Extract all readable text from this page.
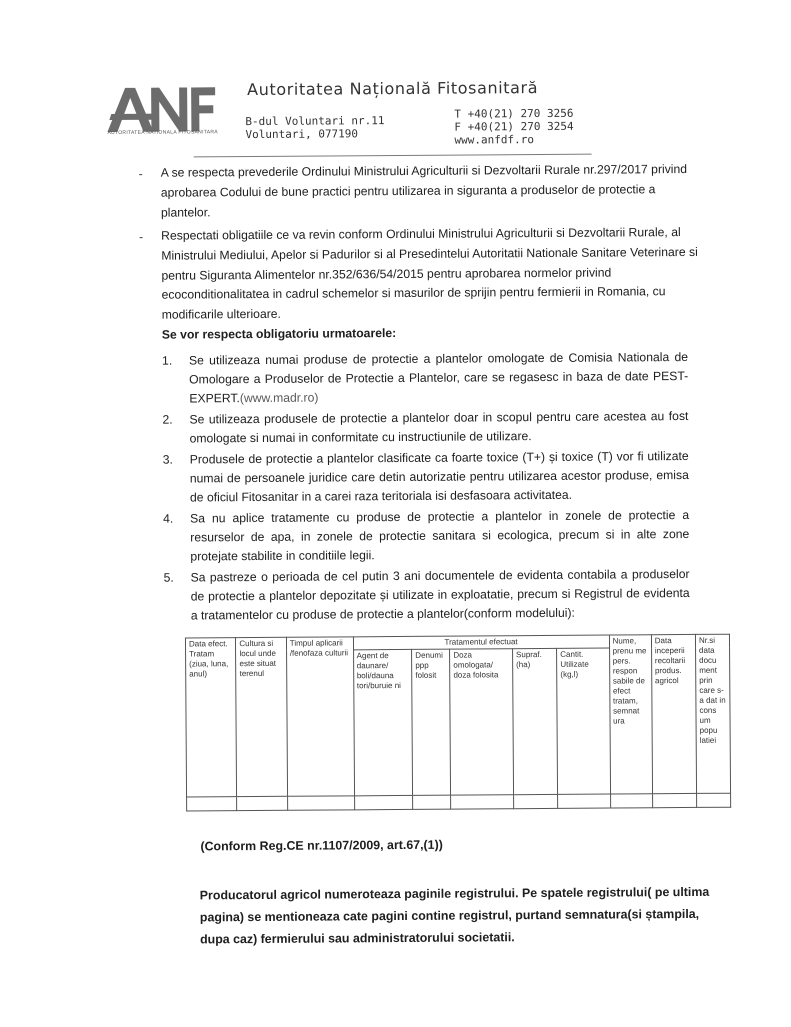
AUTORITATEA NATIONALA FITOSANITARA
Autoritatea Națională Fitosanitară
B-dul Voluntari nr.11
Voluntari, 077190
T +40(21) 270 3256
F +40(21) 270 3254
www.anfdf.ro
- A se respecta prevederile Ordinului Ministrului Agriculturii si Dezvoltarii Rurale nr.297/2017 privind aprobarea Codului de bune practici pentru utilizarea in siguranta a produselor de protectie a plantelor.
- Respectati obligatiile ce va revin conform Ordinului Ministrului Agriculturii si Dezvoltarii Rurale, al Ministrului Mediului, Apelor si Padurilor si al Presedintelui Autoritatii Nationale Sanitare Veterinare si pentru Siguranta Alimentelor nr.352/636/54/2015 pentru aprobarea normelor privind ecoconditionalitatea in cadrul schemelor si masurilor de sprijin pentru fermierii in Romania, cu modificarile ulterioare.
Se vor respecta obligatoriu urmatoarele:
1. Se utilizeaza numai produse de protectie a plantelor omologate de Comisia Nationala de Omologare a Produselor de Protectie a Plantelor, care se regasesc in baza de date PEST-EXPERT.(www.madr.ro)
2. Se utilizeaza produsele de protectie a plantelor doar in scopul pentru care acestea au fost omologate si numai in conformitate cu instructiunile de utilizare.
3. Produsele de protectie a plantelor clasificate ca foarte toxice (T+) și toxice (T) vor fi utilizate numai de persoanele juridice care detin autorizatie pentru utilizarea acestor produse, emisa de oficiul Fitosanitar in a carei raza teritoriala isi desfasoara activitatea.
4. Sa nu aplice tratamente cu produse de protectie a plantelor in zonele de protectie a resurselor de apa, in zonele de protectie sanitara si ecologica, precum si in alte zone protejate stabilite in conditiile legii.
5. Sa pastreze o perioada de cel putin 3 ani documentele de evidenta contabila a produselor de protectie a plantelor depozitate și utilizate in exploatatie, precum si Registrul de evidenta a tratamentelor cu produse de protectie a plantelor(conform modelului):
Data efect. Tratam (ziua, luna, anul)	Cultura si locul unde este situat terenul	Timpul aplicarii /fenofaza culturii	Tratamentul efectuat					Nume, prenu me pers. respon sabile de efect tratam, semnat ura	Data inceperii recoltarii produs. agricol	Nr.si data docu ment prin care s-a dat in cons um popu latiei
			Agent de daunare/ boli/dauna tori/buruie ni	Denumi ppp folosit	Doza omologata/ doza folosita	Supraf. (ha)	Cantit. Utilizate (kg,l)			

(Conform Reg.CE nr.1107/2009, art.67,(1))
Producatorul agricol numeroteaza paginile registrului. Pe spatele registrului( pe ultima pagina) se mentioneaza cate pagini contine registrul, purtand semnatura(si ștampila, dupa caz) fermierului sau administratorului societatii.
